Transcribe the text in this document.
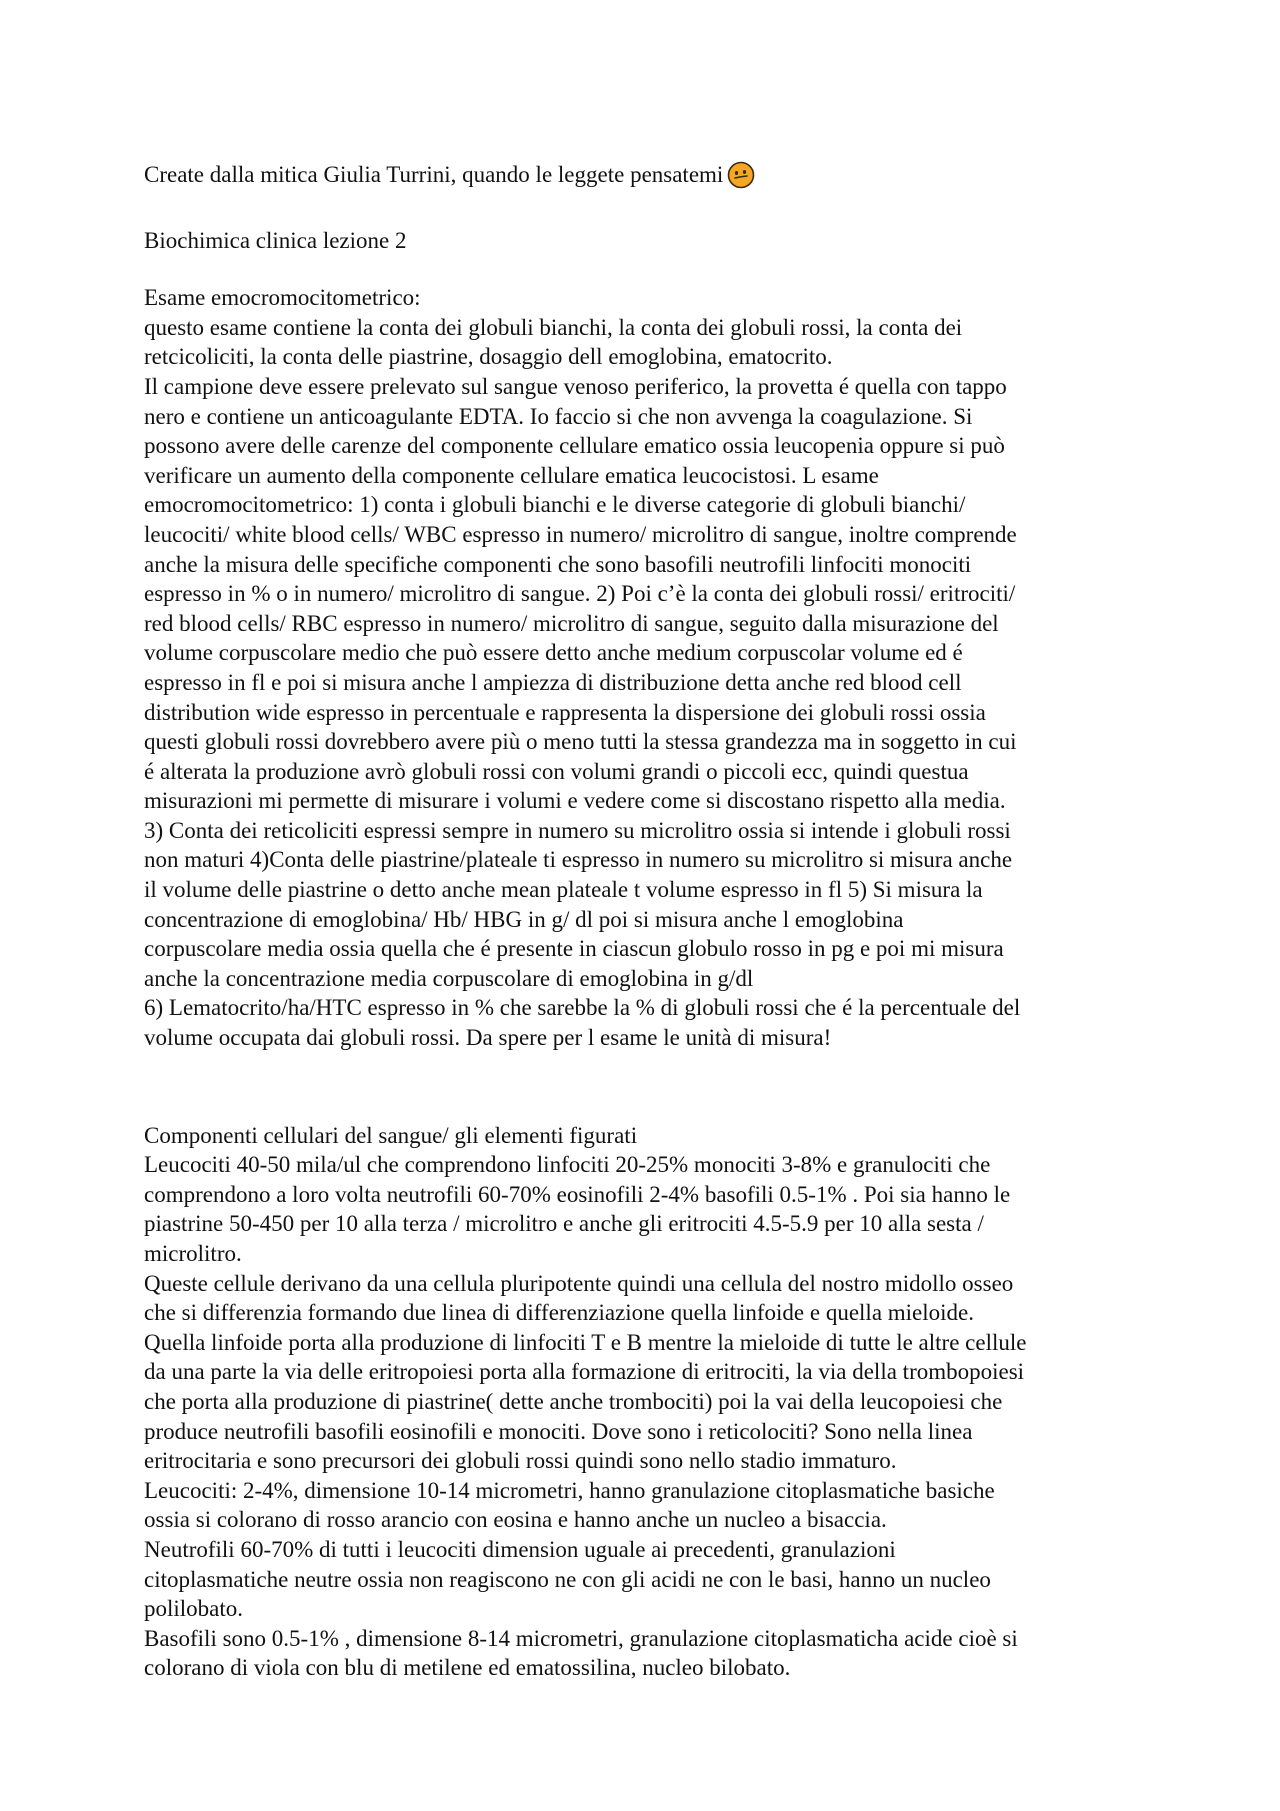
Create dalla mitica Giulia Turrini, quando le leggete pensatemi
Biochimica clinica lezione 2
Esame emocromocitometrico:
questo esame contiene la conta dei globuli bianchi, la conta dei globuli rossi, la conta dei
retcicoliciti, la conta delle piastrine, dosaggio dell emoglobina, ematocrito.
Il campione deve essere prelevato sul sangue venoso periferico, la provetta é quella con tappo
nero e contiene un anticoagulante EDTA. Io faccio si che non avvenga la coagulazione. Si
possono avere delle carenze del componente cellulare ematico ossia leucopenia oppure si può
verificare un aumento della componente cellulare ematica leucocistosi. L esame
emocromocitometrico: 1) conta i globuli bianchi e le diverse categorie di globuli bianchi/
leucociti/ white blood cells/ WBC espresso in numero/ microlitro di sangue, inoltre comprende
anche la misura delle specifiche componenti che sono basofili neutrofili linfociti monociti
espresso in % o in numero/ microlitro di sangue. 2) Poi c’è la conta dei globuli rossi/ eritrociti/
red blood cells/ RBC espresso in numero/ microlitro di sangue, seguito dalla misurazione del
volume corpuscolare medio che può essere detto anche medium corpuscolar volume ed é
espresso in fl e poi si misura anche l ampiezza di distribuzione detta anche red blood cell
distribution wide espresso in percentuale e rappresenta la dispersione dei globuli rossi ossia
questi globuli rossi dovrebbero avere più o meno tutti la stessa grandezza ma in soggetto in cui
é alterata la produzione avrò globuli rossi con volumi grandi o piccoli ecc, quindi questua
misurazioni mi permette di misurare i volumi e vedere come si discostano rispetto alla media.
3) Conta dei reticoliciti espressi sempre in numero su microlitro ossia si intende i globuli rossi
non maturi 4)Conta delle piastrine/plateale ti espresso in numero su microlitro si misura anche
il volume delle piastrine o detto anche mean plateale t volume espresso in fl 5) Si misura la
concentrazione di emoglobina/ Hb/ HBG in g/ dl poi si misura anche l emoglobina
corpuscolare media ossia quella che é presente in ciascun globulo rosso in pg e poi mi misura
anche la concentrazione media corpuscolare di emoglobina in g/dl
6) Lematocrito/ha/HTC espresso in % che sarebbe la % di globuli rossi che é la percentuale del
volume occupata dai globuli rossi. Da spere per l esame le unità di misura!
Componenti cellulari del sangue/ gli elementi figurati
Leucociti 40-50 mila/ul che comprendono linfociti 20-25% monociti 3-8% e granulociti che
comprendono a loro volta neutrofili 60-70% eosinofili 2-4% basofili 0.5-1% . Poi sia hanno le
piastrine 50-450 per 10 alla terza / microlitro e anche gli eritrociti 4.5-5.9 per 10 alla sesta /
microlitro.
Queste cellule derivano da una cellula pluripotente quindi una cellula del nostro midollo osseo
che si differenzia formando due linea di differenziazione quella linfoide e quella mieloide.
Quella linfoide porta alla produzione di linfociti T e B mentre la mieloide di tutte le altre cellule
da una parte la via delle eritropoiesi porta alla formazione di eritrociti, la via della trombopoiesi
che porta alla produzione di piastrine( dette anche trombociti) poi la vai della leucopoiesi che
produce neutrofili basofili eosinofili e monociti. Dove sono i reticolociti? Sono nella linea
eritrocitaria e sono precursori dei globuli rossi quindi sono nello stadio immaturo.
Leucociti: 2-4%, dimensione 10-14 micrometri, hanno granulazione citoplasmatiche basiche
ossia si colorano di rosso arancio con eosina e hanno anche un nucleo a bisaccia.
Neutrofili 60-70% di tutti i leucociti dimension uguale ai precedenti, granulazioni
citoplasmatiche neutre ossia non reagiscono ne con gli acidi ne con le basi, hanno un nucleo
polilobato.
Basofili sono 0.5-1% , dimensione 8-14 micrometri, granulazione citoplasmaticha acide cioè si
colorano di viola con blu di metilene ed ematossilina, nucleo bilobato.
